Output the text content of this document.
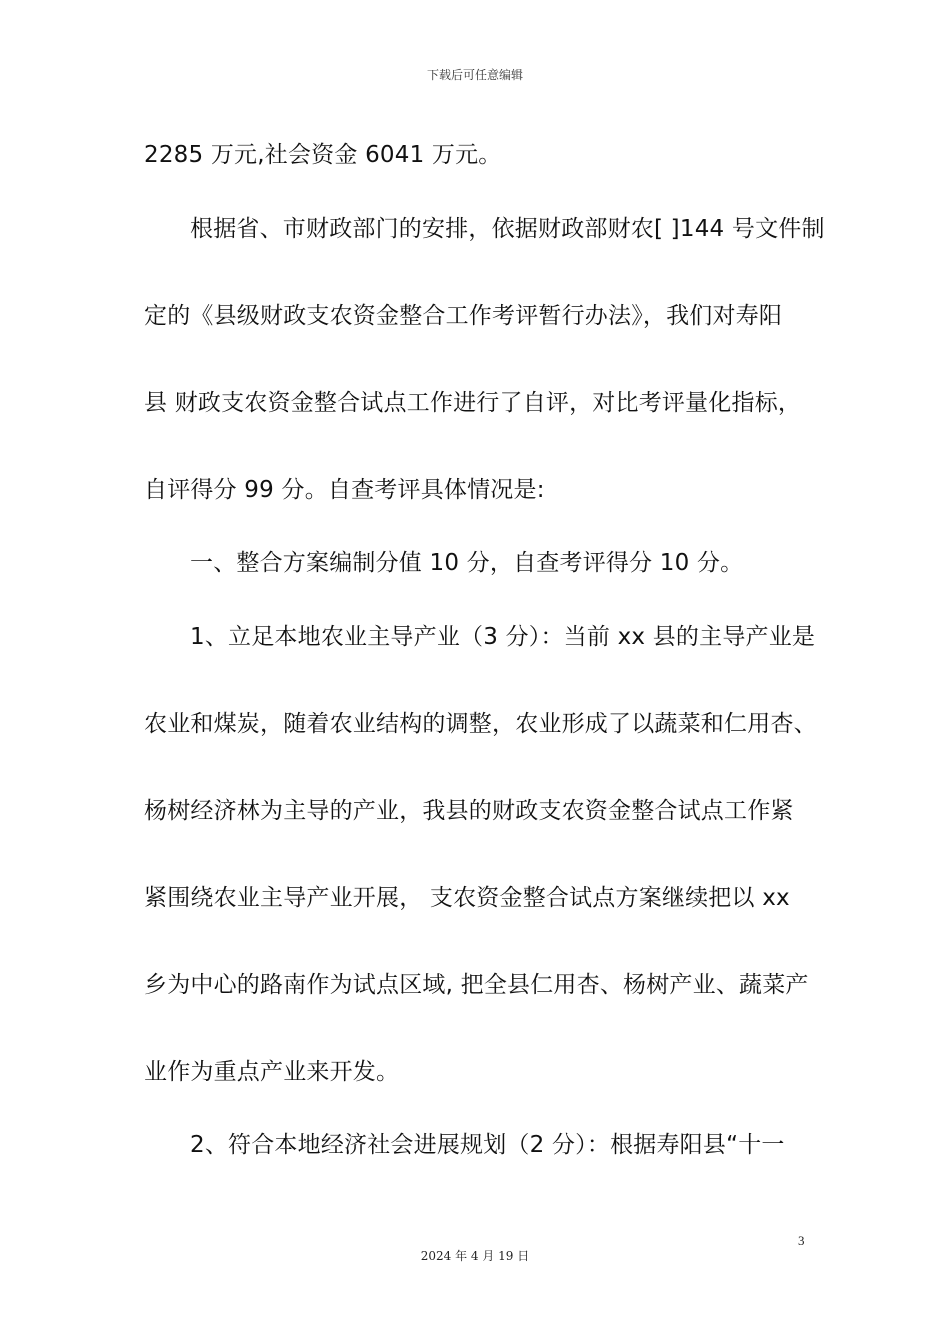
下载后可任意编辑
2285 万元,社会资金 6041 万元。
根据省、市财政部门的安排，依据财政部财农[ ]144 号文件制
定的《县级财政支农资金整合工作考评暂行办法》，我们对寿阳
县 财政支农资金整合试点工作进行了自评，对比考评量化指标，
自评得分 99 分。自查考评具体情况是:
一、整合方案编制分值 10 分，自查考评得分 10 分。
1、立足本地农业主导产业（3 分）：当前 xx 县的主导产业是
农业和煤炭，随着农业结构的调整，农业形成了以蔬菜和仁用杏、
杨树经济林为主导的产业，我县的财政支农资金整合试点工作紧
紧围绕农业主导产业开展， 支农资金整合试点方案继续把以 xx
乡为中心的路南作为试点区域, 把全县仁用杏、杨树产业、蔬菜产
业作为重点产业来开发。
2、符合本地经济社会进展规划（2 分）：根据寿阳县“十一
3
2024 年 4 月 19 日
